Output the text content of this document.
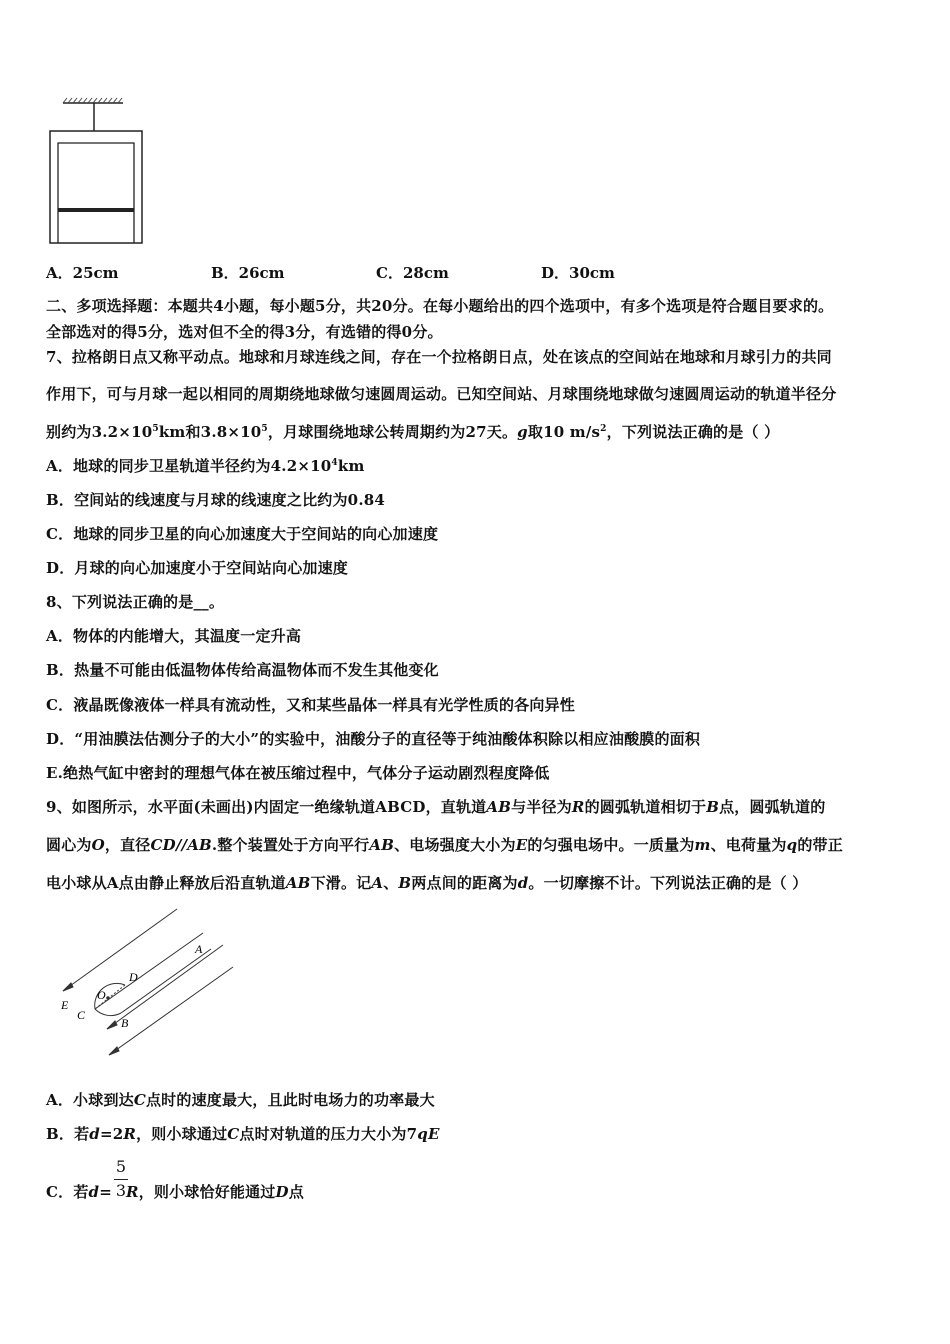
A．25cm	B．26cm	C．28cm	D．30cm
二、多项选择题：本题共4小题，每小题5分，共20分。在每小题给出的四个选项中，有多个选项是符合题目要求的。
全部选对的得5分，选对但不全的得3分，有选错的得0分。
7、拉格朗日点又称平动点。地球和月球连线之间，存在一个拉格朗日点，处在该点的空间站在地球和月球引力的共同
作用下，可与月球一起以相同的周期绕地球做匀速圆周运动。已知空间站、月球围绕地球做匀速圆周运动的轨道半径分
别约为$3.2\times 10^5km$和$3.8\times 10^5$，月球围绕地球公转周期约为27天。g取10 $m/s^2$，下列说法正确的是（ ）
A．地球的同步卫星轨道半径约为$4.2\times 10^4km$
B．空间站的线速度与月球的线速度之比约为0.84
C．地球的同步卫星的向心加速度大于空间站的向心加速度
D．月球的向心加速度小于空间站向心加速度
8、下列说法正确的是__。
A．物体的内能增大，其温度一定升高
B．热量不可能由低温物体传给高温物体而不发生其他变化
C．液晶既像液体一样具有流动性，又和某些晶体一样具有光学性质的各向异性
D．“用油膜法估测分子的大小”的实验中，油酸分子的直径等于纯油酸体积除以相应油酸膜的面积
E.绝热气缸中密封的理想气体在被压缩过程中，气体分子运动剧烈程度降低
9、如图所示，水平面(未画出)内固定一绝缘轨道ABCD，直轨道AB与半径为R的圆弧轨道相切于B点，圆弧轨道的
圆心为O，直径CD//AB.整个装置处于方向平行AB、电场强度大小为E的匀强电场中。一质量为m、电荷量为q的带正
电小球从A点由静止释放后沿直轨道AB下滑。记A、B两点间的距离为d。一切摩擦不计。下列说法正确的是（ ）
A
D
O
E
C
B
A．小球到达C点时的速度最大，且此时电场力的功率最大
B．若d=2R，则小球通过C点时对轨道的压力大小为7qE
C．若d= R，则小球恰好能通过D点
5
3
